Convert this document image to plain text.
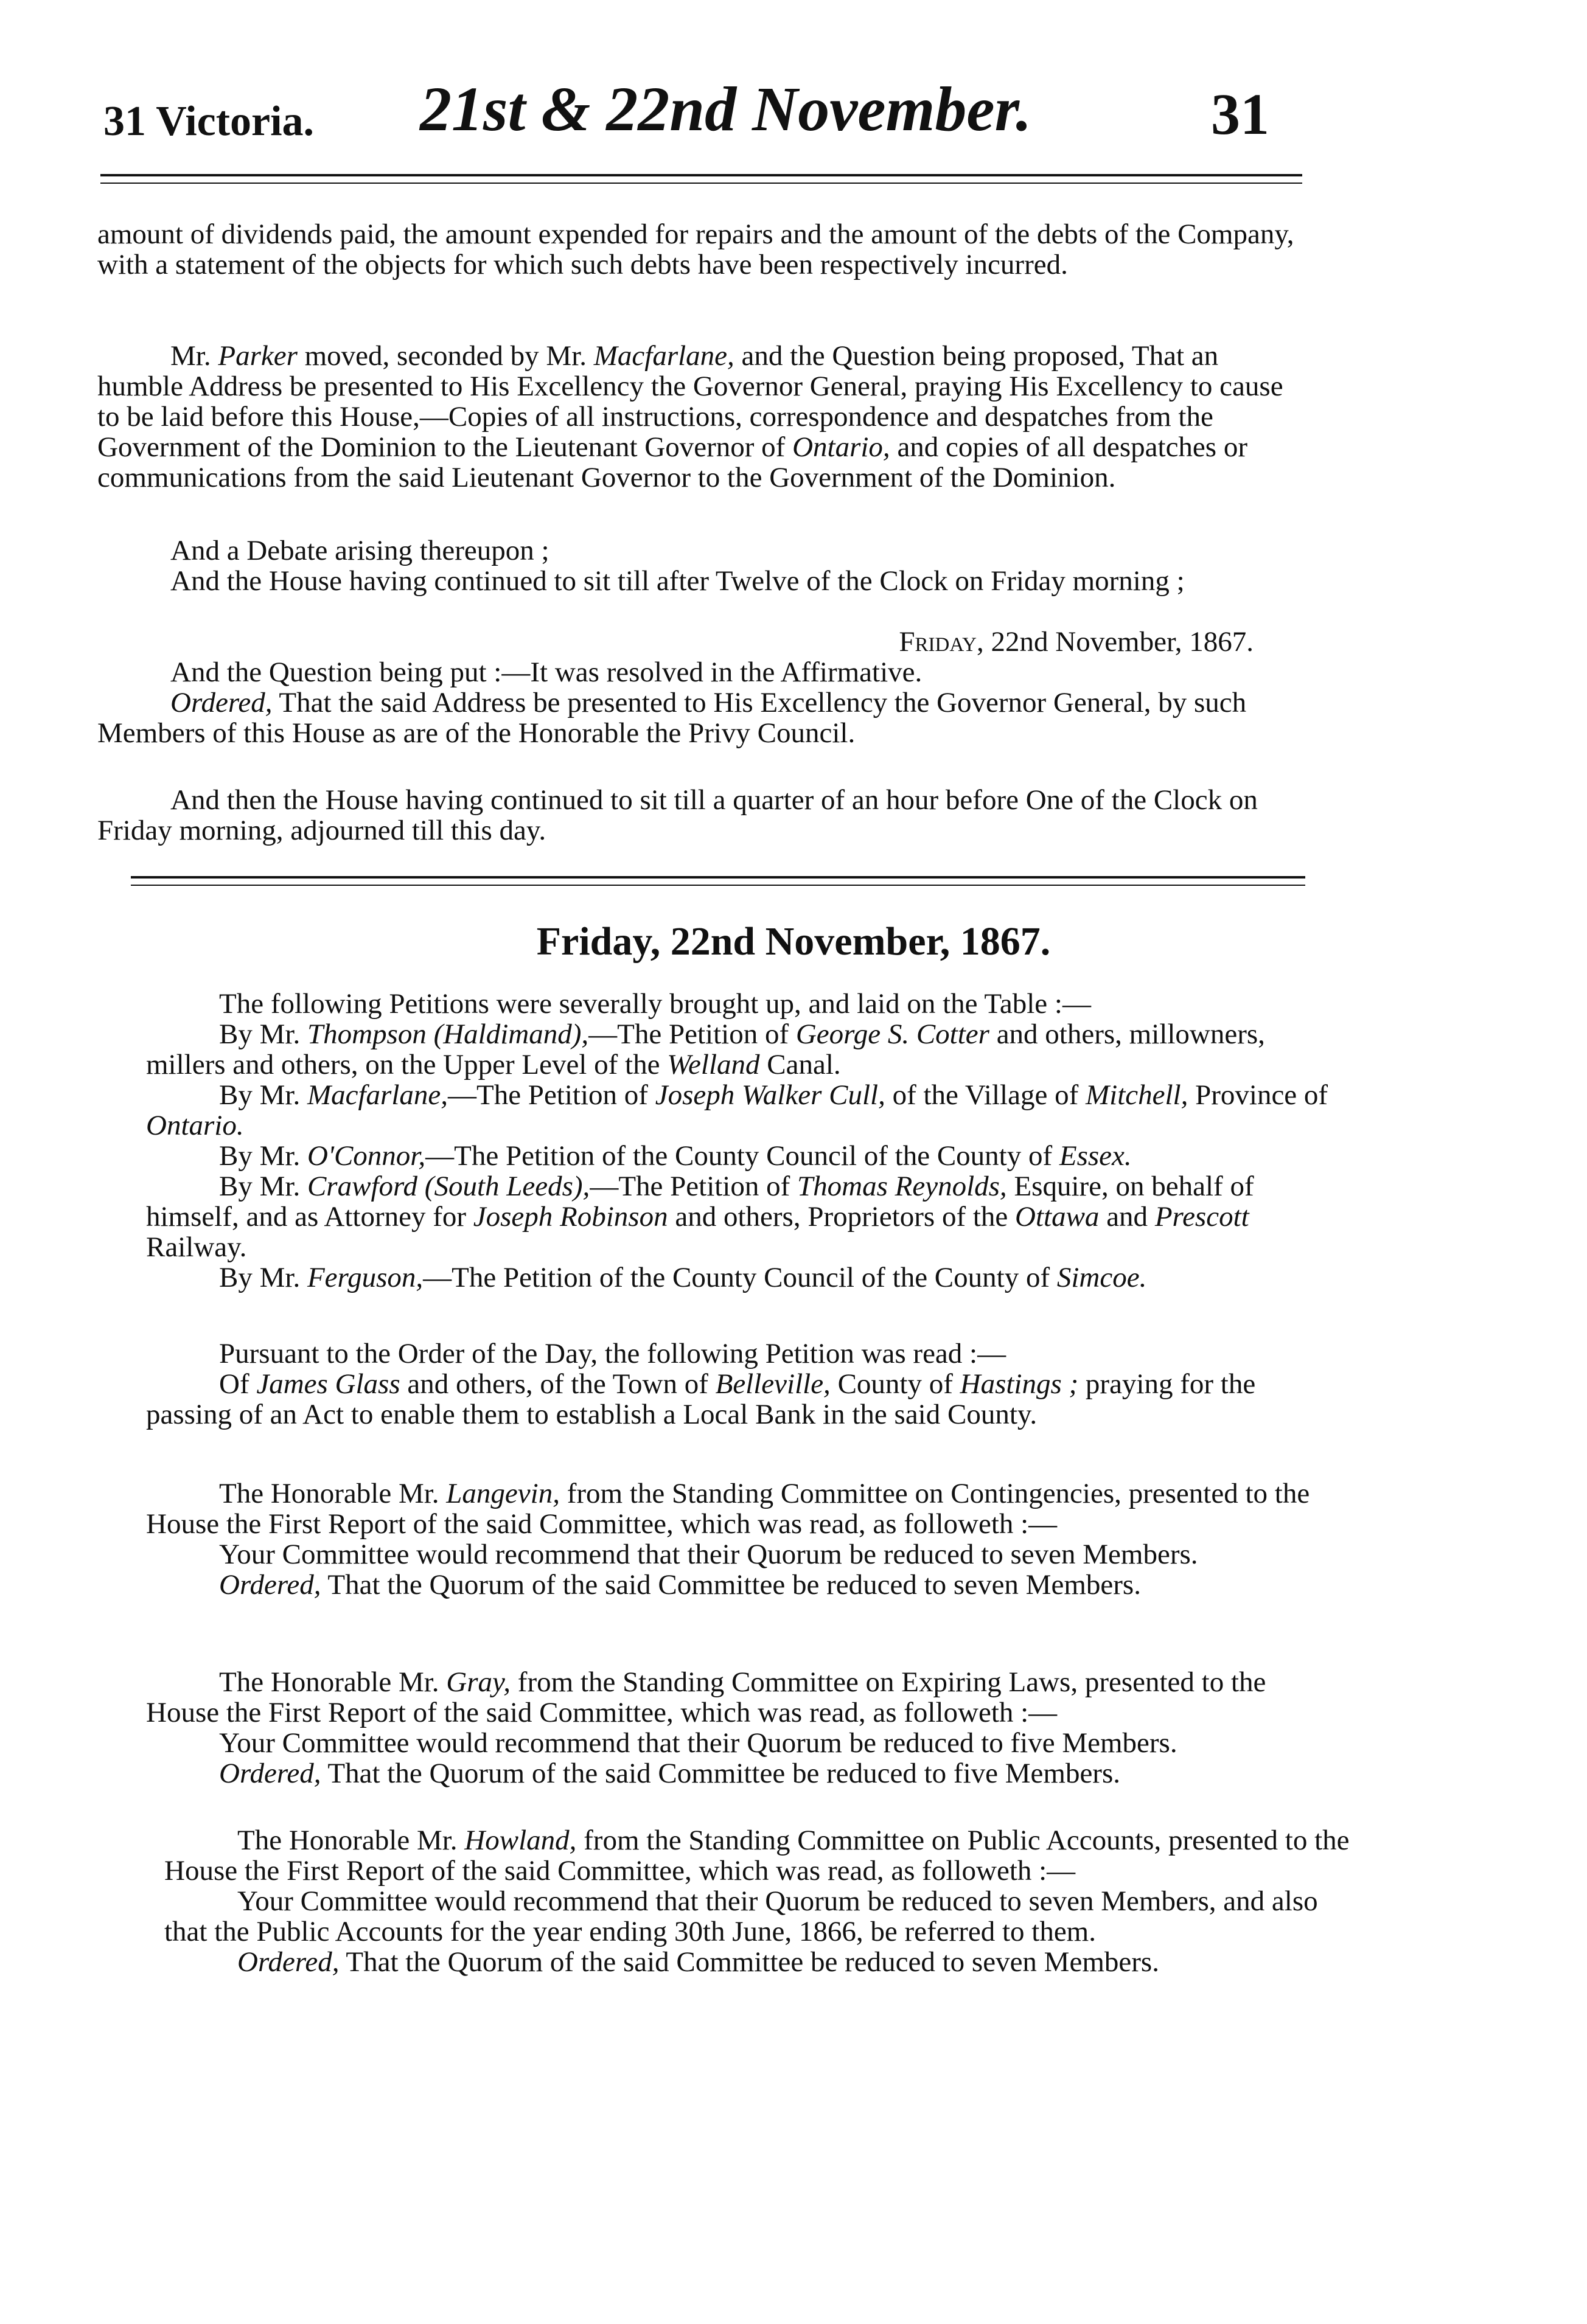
31 Victoria. 21st & 22nd November.	31

amount of dividends paid, the amount expended for repairs and the amount of the debts of the Company, with a statement of the objects for which such debts have been respectively incurred.

Mr. Parker moved, seconded by Mr. Macfarlane, and the Question being proposed, That an humble Address be presented to His Excellency the Governor General, praying His Excellency to cause to be laid before this House,—Copies of all instructions, correspondence and despatches from the Government of the Dominion to the Lieutenant Governor of Ontario, and copies of all despatches or communications from the said Lieutenant Governor to the Government of the Dominion.

And a Debate arising thereupon ;

And the House having continued to sit till after Twelve of the Clock on Friday morning ;

Friday, 22nd November, 1867.

And the Question being put :—It was resolved in the Affirmative.

Ordered, That the said Address be presented to His Excellency the Governor General, by such Members of this House as are of the Honorable the Privy Council.

And then the House having continued to sit till a quarter of an hour before One of the Clock on Friday morning, adjourned till this day.

Friday, 22nd November, 1867.

The following Petitions were severally brought up, and laid on the Table :—

By Mr. Thompson (Haldimand),—The Petition of George S. Cotter and others, millowners, millers and others, on the Upper Level of the Welland Canal.

By Mr. Macfarlane,—The Petition of Joseph Walker Cull, of the Village of Mitchell, Province of Ontario.

By Mr. O'Connor,—The Petition of the County Council of the County of Essex.

By Mr. Crawford (South Leeds),—The Petition of Thomas Reynolds, Esquire, on behalf of himself, and as Attorney for Joseph Robinson and others, Proprietors of the Ottawa and Prescott Railway.

By Mr. Ferguson,—The Petition of the County Council of the County of Simcoe.

Pursuant to the Order of the Day, the following Petition was read :—

Of James Glass and others, of the Town of Belleville, County of Hastings ; praying for the passing of an Act to enable them to establish a Local Bank in the said County.

The Honorable Mr. Langevin, from the Standing Committee on Contingencies, presented to the House the First Report of the said Committee, which was read, as followeth :—

Your Committee would recommend that their Quorum be reduced to seven Members.

Ordered, That the Quorum of the said Committee be reduced to seven Members.

The Honorable Mr. Gray, from the Standing Committee on Expiring Laws, presented to the House the First Report of the said Committee, which was read, as followeth :—

Your Committee would recommend that their Quorum be reduced to five Members.

Ordered, That the Quorum of the said Committee be reduced to five Members.

The Honorable Mr. Howland, from the Standing Committee on Public Accounts, presented to the House the First Report of the said Committee, which was read, as followeth :—

Your Committee would recommend that their Quorum be reduced to seven Members, and also that the Public Accounts for the year ending 30th June, 1866, be referred to them.

Ordered, That the Quorum of the said Committee be reduced to seven Members.
